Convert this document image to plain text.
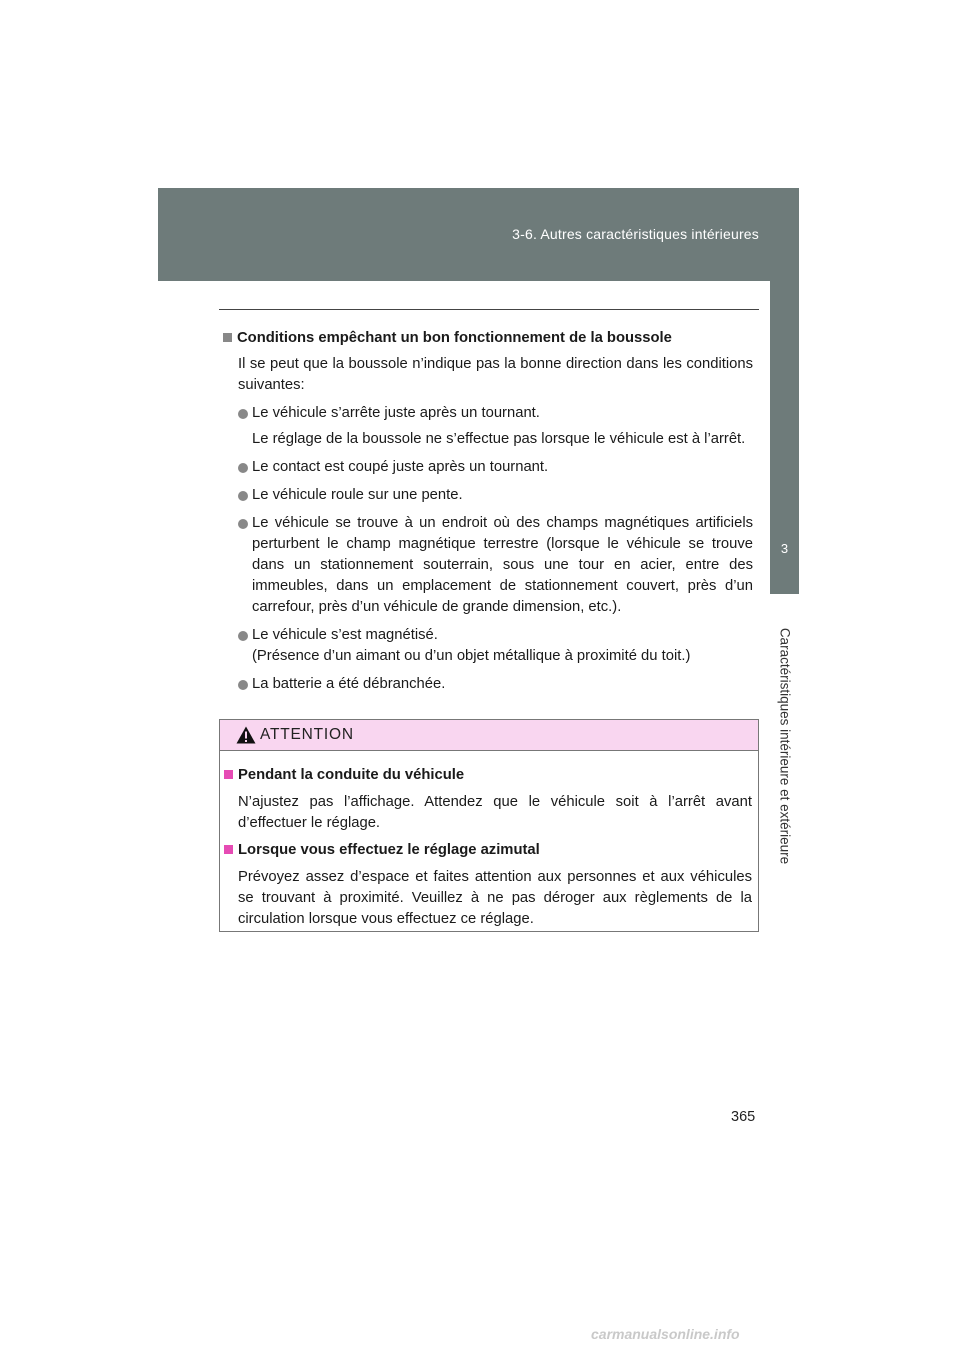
3-6. Autres caractéristiques intérieures
3
Caractéristiques intérieure et extérieure
Conditions empêchant un bon fonctionnement de la boussole
Il se peut que la boussole n’indique pas la bonne direction dans les conditions suivantes:
Le véhicule s’arrête juste après un tournant.
Le réglage de la boussole ne s’effectue pas lorsque le véhicule est à l’arrêt.
Le contact est coupé juste après un tournant.
Le véhicule roule sur une pente.
Le véhicule se trouve à un endroit où des champs magnétiques artificiels perturbent le champ magnétique terrestre (lorsque le véhicule se trouve dans un stationnement souterrain, sous une tour en acier, entre des immeubles, dans un emplacement de stationnement couvert, près d’un carrefour, près d’un véhicule de grande dimension, etc.).
Le véhicule s’est magnétisé.
(Présence d’un aimant ou d’un objet métallique à proximité du toit.)
La batterie a été débranchée.
ATTENTION
Pendant la conduite du véhicule
N’ajustez pas l’affichage. Attendez que le véhicule soit à l’arrêt avant d’effectuer le réglage.
Lorsque vous effectuez le réglage azimutal
Prévoyez assez d’espace et faites attention aux personnes et aux véhicules se trouvant à proximité. Veuillez à ne pas déroger aux règlements de la circulation lorsque vous effectuez ce réglage.
365
carmanualsonline.info
